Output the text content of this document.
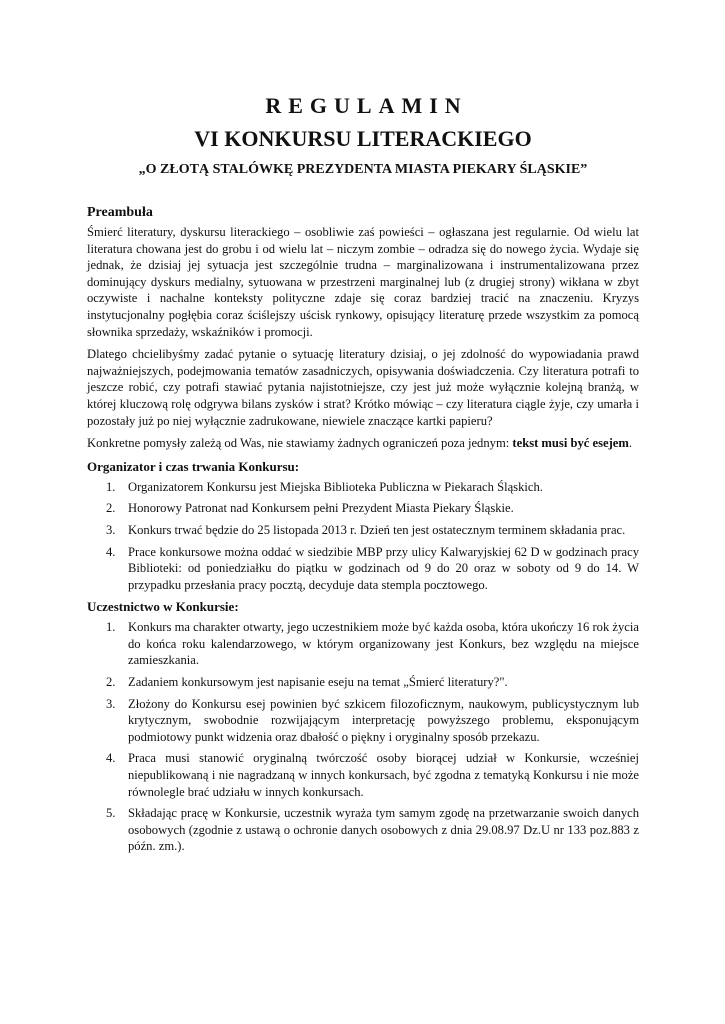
REGULAMIN
VI KONKURSU LITERACKIEGO
„O ZŁOTĄ STALÓWKĘ PREZYDENTA MIASTA PIEKARY ŚLĄSKIE”
Preambuła

Śmierć literatury, dyskursu literackiego – osobliwie zaś powieści – ogłaszana jest regularnie. Od wielu lat literatura chowana jest do grobu i od wielu lat – niczym zombie – odradza się do nowego życia. Wydaje się jednak, że dzisiaj jej sytuacja jest szczególnie trudna – marginalizowana i instrumentalizowana przez dominujący dyskurs medialny, sytuowana w przestrzeni marginalnej lub (z drugiej strony) wikłana w zbyt oczywiste i nachalne konteksty polityczne zdaje się coraz bardziej tracić na znaczeniu. Kryzys instytucjonalny pogłębia coraz ściślejszy uścisk rynkowy, opisujący literaturę przede wszystkim za pomocą słownika sprzedaży, wskaźników i promocji.

Dlatego chcielibyśmy zadać pytanie o sytuację literatury dzisiaj, o jej zdolność do wypowiadania prawd najważniejszych, podejmowania tematów zasadniczych, opisywania doświadczenia. Czy literatura potrafi to jeszcze robić, czy potrafi stawiać pytania najistotniejsze, czy jest już może wyłącznie kolejną branżą, w której kluczową rolę odgrywa bilans zysków i strat? Krótko mówiąc – czy literatura ciągle żyje, czy umarła i pozostały już po niej wyłącznie zadrukowane, niewiele znaczące kartki papieru?

Konkretne pomysły zależą od Was, nie stawiamy żadnych ograniczeń poza jednym: tekst musi być esejem.

Organizator i czas trwania Konkursu:
1. Organizatorem Konkursu jest Miejska Biblioteka Publiczna w Piekarach Śląskich.
2. Honorowy Patronat nad Konkursem pełni Prezydent Miasta Piekary Śląskie.
3. Konkurs trwać będzie do 25 listopada 2013 r. Dzień ten jest ostatecznym terminem składania prac.
4. Prace konkursowe można oddać w siedzibie MBP przy ulicy Kalwaryjskiej 62 D w godzinach pracy Biblioteki: od poniedziałku do piątku w godzinach od 9 do 20 oraz w soboty od 9 do 14. W przypadku przesłania pracy pocztą, decyduje data stempla pocztowego.
Uczestnictwo w Konkursie:
1. Konkurs ma charakter otwarty, jego uczestnikiem może być każda osoba, która ukończy 16 rok życia do końca roku kalendarzowego, w którym organizowany jest Konkurs, bez względu na miejsce zamieszkania.
2. Zadaniem konkursowym jest napisanie eseju na temat „Śmierć literatury?".
3. Złożony do Konkursu esej powinien być szkicem filozoficznym, naukowym, publicystycznym lub krytycznym, swobodnie rozwijającym interpretację powyższego problemu, eksponującym podmiotowy punkt widzenia oraz dbałość o piękny i oryginalny sposób przekazu.
4. Praca musi stanowić oryginalną twórczość osoby biorącej udział w Konkursie, wcześniej niepublikowaną i nie nagradzaną w innych konkursach, być zgodna z tematyką Konkursu i nie może równolegle brać udziału w innych konkursach.
5. Składając pracę w Konkursie, uczestnik wyraża tym samym zgodę na przetwarzanie swoich danych osobowych (zgodnie z ustawą o ochronie danych osobowych z dnia 29.08.97 Dz.U nr 133 poz.883 z późn. zm.).
